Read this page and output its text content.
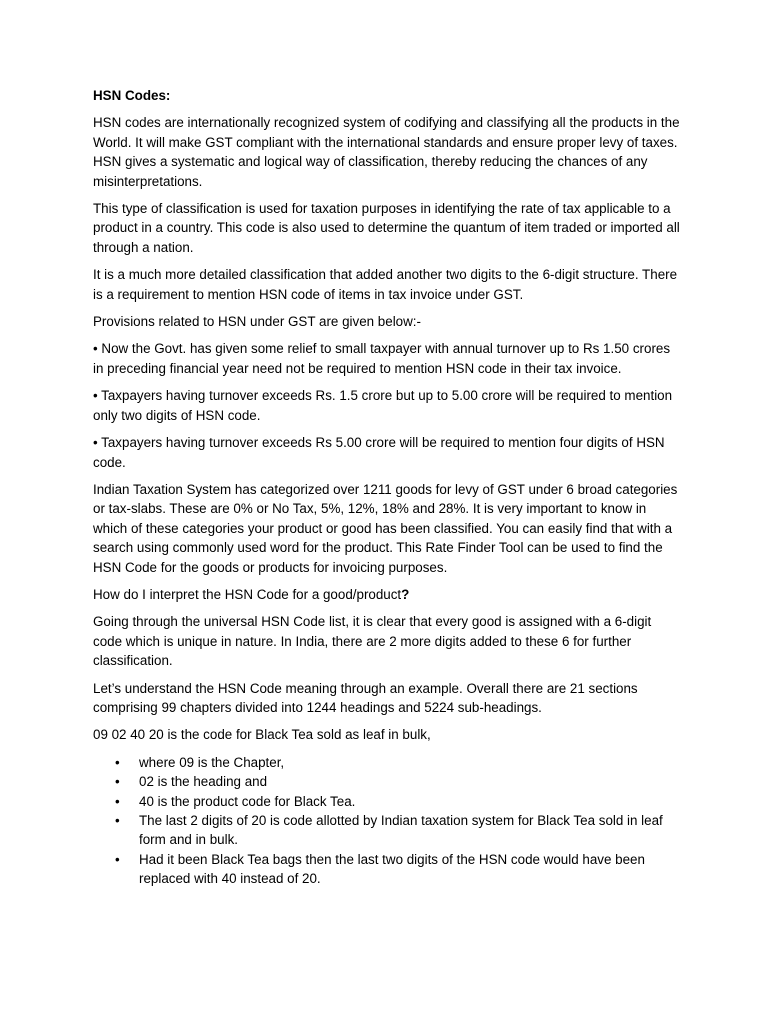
HSN Codes:

HSN codes are internationally recognized system of codifying and classifying all the products in the World. It will make GST compliant with the international standards and ensure proper levy of taxes. HSN gives a systematic and logical way of classification, thereby reducing the chances of any misinterpretations.

This type of classification is used for taxation purposes in identifying the rate of tax applicable to a product in a country. This code is also used to determine the quantum of item traded or imported all through a nation.

It is a much more detailed classification that added another two digits to the 6-digit structure. There is a requirement to mention HSN code of items in tax invoice under GST.

Provisions related to HSN under GST are given below:-

• Now the Govt. has given some relief to small taxpayer with annual turnover up to Rs 1.50 crores in preceding financial year need not be required to mention HSN code in their tax invoice.

• Taxpayers having turnover exceeds Rs. 1.5 crore but up to 5.00 crore will be required to mention only two digits of HSN code.

• Taxpayers having turnover exceeds Rs 5.00 crore will be required to mention four digits of HSN code.

Indian Taxation System has categorized over 1211 goods for levy of GST under 6 broad categories or tax-slabs. These are 0% or No Tax, 5%, 12%, 18% and 28%. It is very important to know in which of these categories your product or good has been classified. You can easily find that with a search using commonly used word for the product. This Rate Finder Tool can be used to find the HSN Code for the goods or products for invoicing purposes.

How do I interpret the HSN Code for a good/product?

Going through the universal HSN Code list, it is clear that every good is assigned with a 6-digit code which is unique in nature. In India, there are 2 more digits added to these 6 for further classification.

Let’s understand the HSN Code meaning through an example. Overall there are 21 sections comprising 99 chapters divided into 1244 headings and 5224 sub-headings.

09 02 40 20 is the code for Black Tea sold as leaf in bulk,

• where 09 is the Chapter,
• 02 is the heading and
• 40 is the product code for Black Tea.
• The last 2 digits of 20 is code allotted by Indian taxation system for Black Tea sold in leaf form and in bulk.
• Had it been Black Tea bags then the last two digits of the HSN code would have been replaced with 40 instead of 20.
